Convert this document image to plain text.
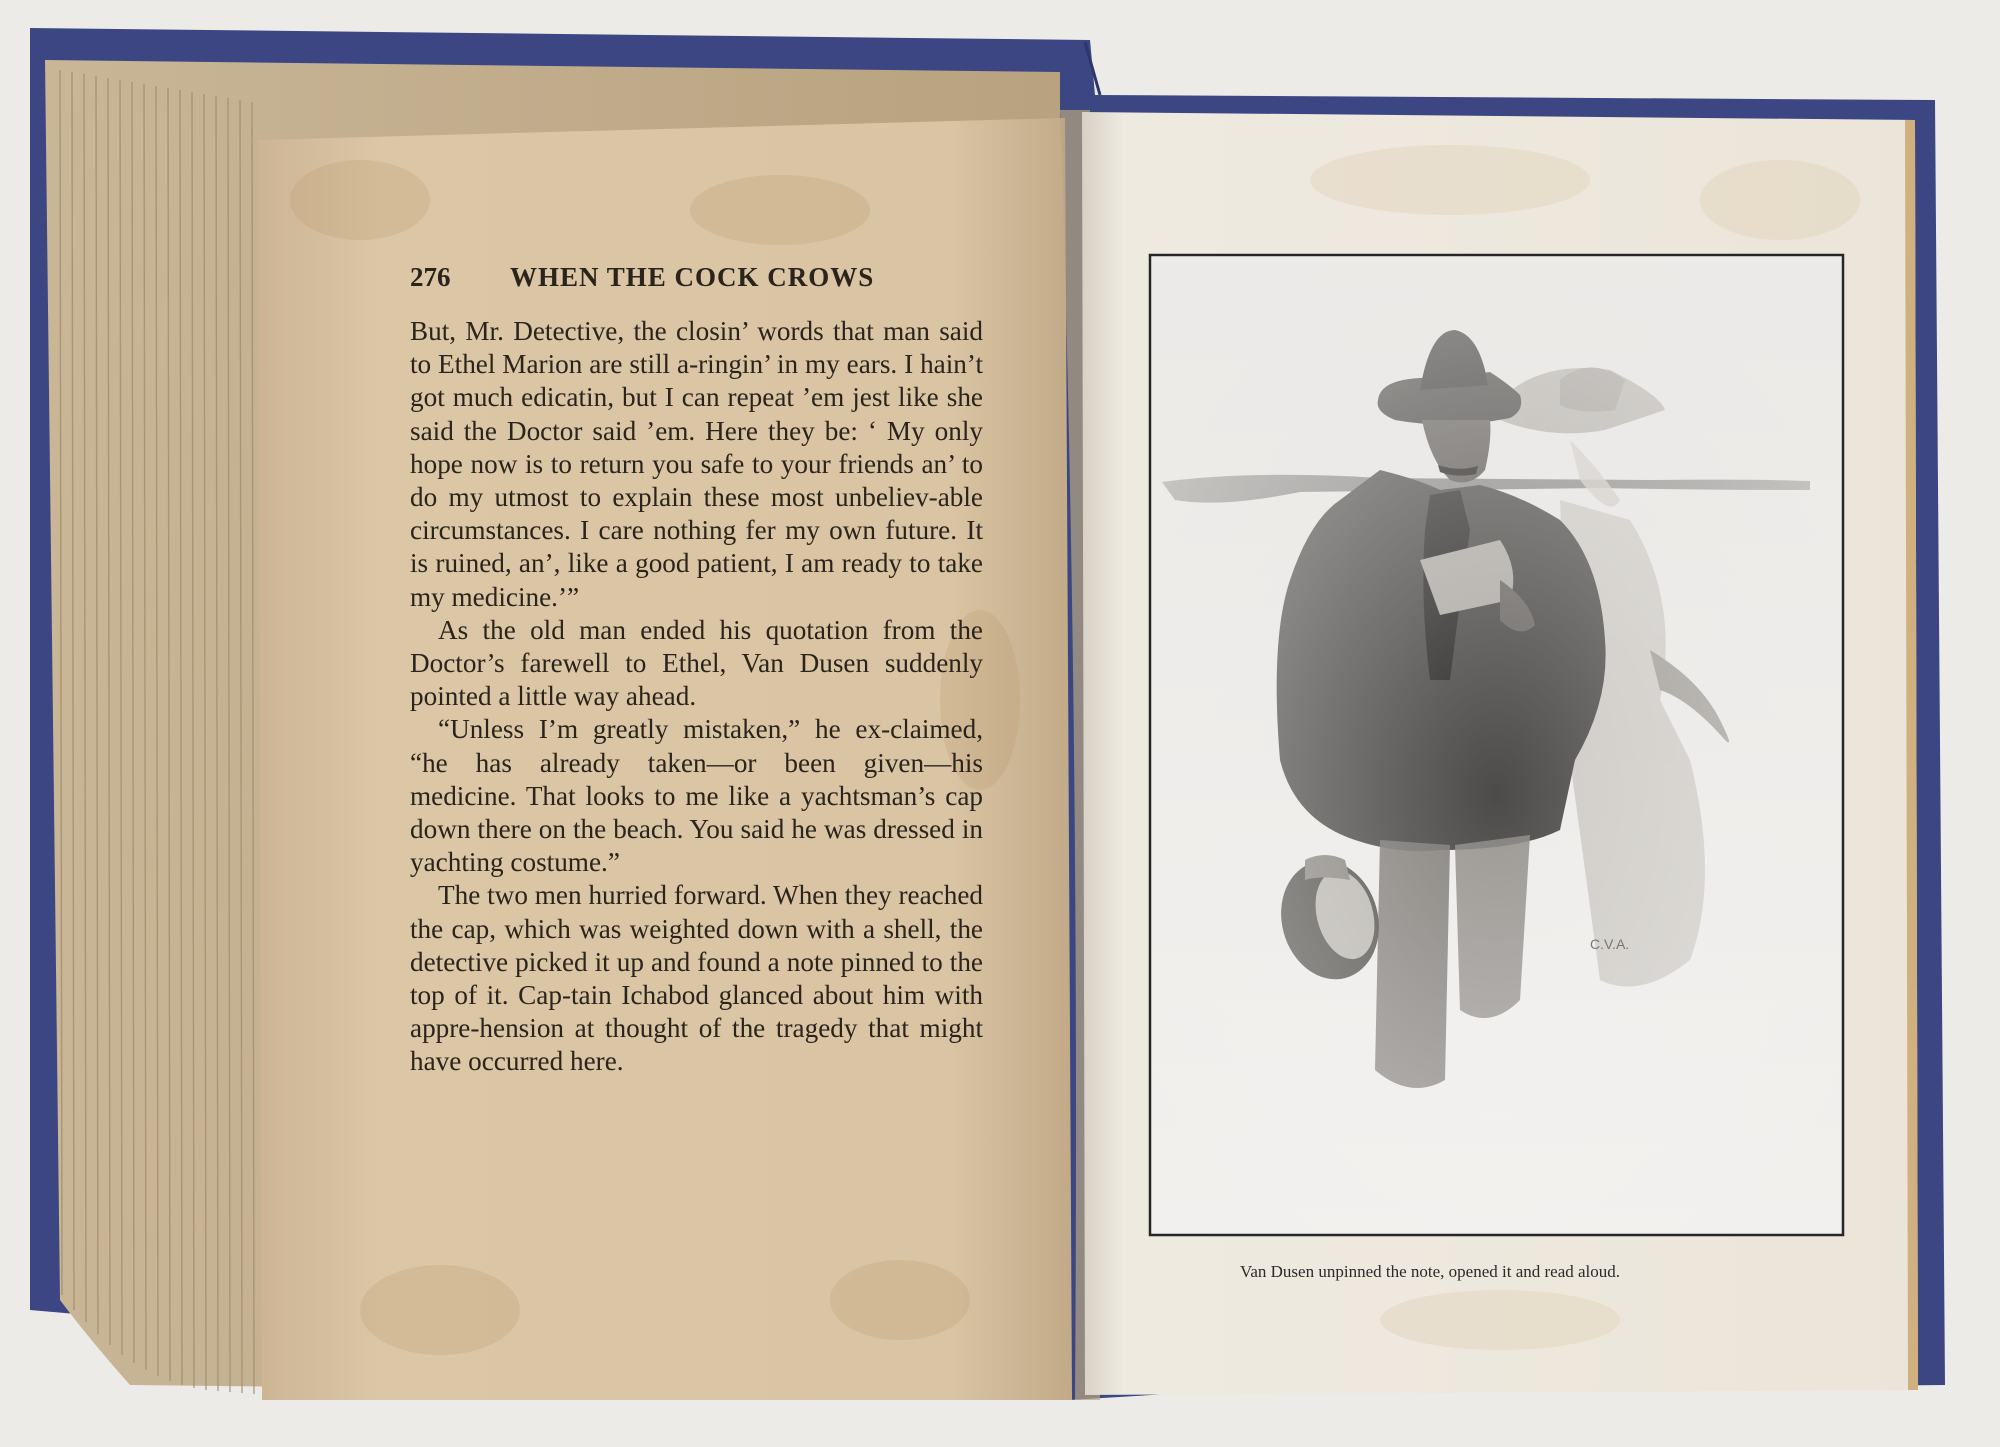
276	WHEN THE COCK CROWS

But, Mr. Detective, the closin’ words that man said to Ethel Marion are still a-ringin’ in my ears. I hain’t got much edicatin, but I can repeat ’em jest like she said the Doctor said ’em. Here they be: ‘ My only hope now is to return you safe to your friends an’ to do my utmost to explain these most unbeliev-able circumstances. I care nothing fer my own future. It is ruined, an’, like a good patient, I am ready to take my medicine.’”

As the old man ended his quotation from the Doctor’s farewell to Ethel, Van Dusen suddenly pointed a little way ahead.

“Unless I’m greatly mistaken,” he ex-claimed, “he has already taken—or been given—his medicine. That looks to me like a yachtsman’s cap down there on the beach. You said he was dressed in yachting costume.”

The two men hurried forward. When they reached the cap, which was weighted down with a shell, the detective picked it up and found a note pinned to the top of it. Cap-tain Ichabod glanced about him with appre-hension at thought of the tragedy that might have occurred here.

C.V.A.
Van Dusen unpinned the note, opened it and read aloud.
